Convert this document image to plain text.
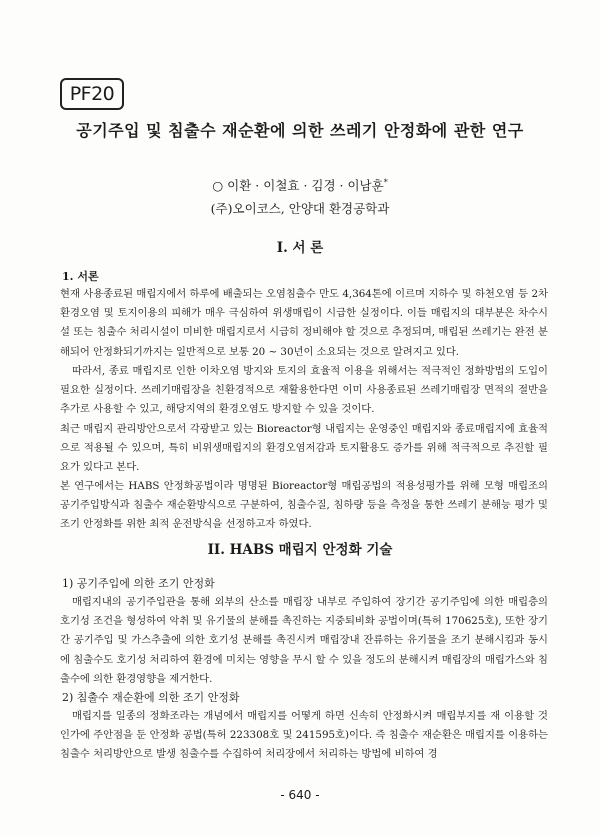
PF20
공기주입 및 침출수 재순환에 의한 쓰레기 안정화에 관한 연구
○ 이환 · 이철효 · 김경 · 이남훈*
(주)오이코스, 안양대 환경공학과
I. 서 론
1. 서론

현재 사용종료된 매립지에서 하루에 배출되는 오염침출수 만도 4,364톤에 이르며 지하수 및 하천오염 등 2차환경오염 및 토지이용의 피해가 매우 극심하여 위생매립이 시급한 실정이다. 이들 매립지의 대부분은 차수시설 또는 침출수 처리시설이 미비한 매립지로서 시급히 정비해야 할 것으로 추정되며, 매립된 쓰레기는 완전 분해되어 안정화되기까지는 일반적으로 보통 20 ~ 30년이 소요되는 것으로 알려지고 있다.

따라서, 종료 매립지로 인한 이차오염 방지와 토지의 효율적 이용을 위해서는 적극적인 정화방법의 도입이 필요한 실정이다. 쓰레기매립장을 친환경적으로 재활용한다면 이미 사용종료된 쓰레기매립장 면적의 절반을 추가로 사용할 수 있고, 해당지역의 환경오염도 방지할 수 있을 것이다.

최근 매립지 관리방안으로서 각광받고 있는 Bioreactor형 내립지는 운영중인 매립지와 종료매립지에 효율적으로 적용될 수 있으며, 특히 비위생매립지의 환경오염저감과 토지활용도 증가를 위해 적극적으로 추진할 필요가 있다고 본다.

본 연구에서는 HABS 안정화공법이라 명명된 Bioreactor형 매립공법의 적용성평가를 위해 모형 매립조의 공기주입방식과 침출수 재순환방식으로 구분하여, 침출수질, 침하량 등을 측정을 통한 쓰레기 분해능 평가 및 조기 안정화를 위한 최적 운전방식을 선정하고자 하였다.

II. HABS 매립지 안정화 기술
1) 공기주입에 의한 조기 안정화

매립지내의 공기주입관을 통해 외부의 산소를 매립장 내부로 주입하여 장기간 공기주입에 의한 매립층의 호기성 조건을 형성하여 악취 및 유기물의 분해를 촉진하는 지중퇴비화 공법이며(특허 170625호), 또한 장기간 공기주입 및 가스추출에 의한 호기성 분해를 촉진시켜 매립장내 잔류하는 유기물을 조기 분해시킴과 동시에 침출수도 호기성 처리하여 환경에 미치는 영향을 무시 할 수 있을 정도의 분해시켜 매립장의 매립가스와 침출수에 의한 환경영향을 제거한다.

2) 침출수 재순환에 의한 조기 안정화

매립지를 일종의 정화조라는 개념에서 매립지를 어떻게 하면 신속히 안정화시켜 매립부지를 재 이용할 것인가에 주안점을 둔 안정화 공법(특허 223308호 및 241595호)이다. 즉 침출수 재순환은 매립지를 이용하는 침출수 처리방안으로 발생 침출수를 수집하여 처리장에서 처리하는 방법에 비하여 경

- 640 -
